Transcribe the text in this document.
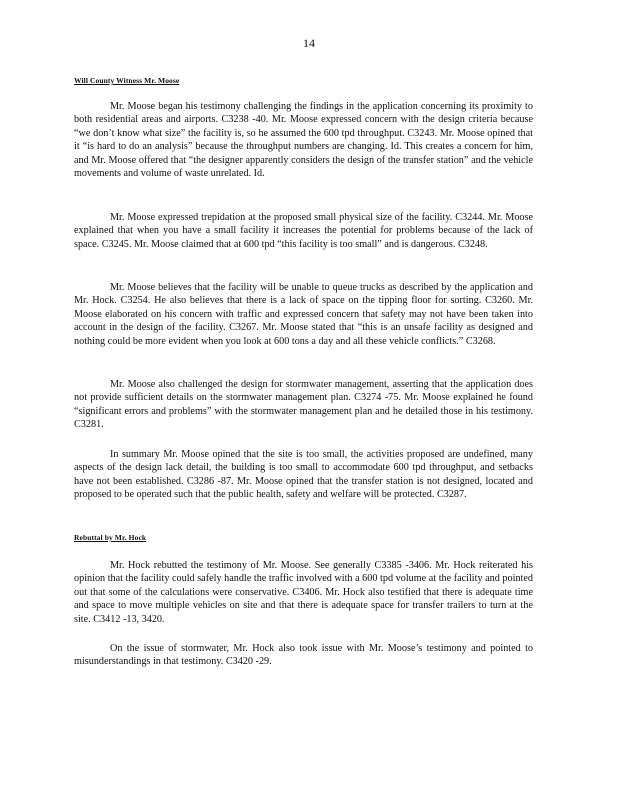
14
Will County Witness Mr. Moose

Mr. Moose began his testimony challenging the findings in the application concerning its proximity to both residential areas and airports. C3238 -40. Mr. Moose expressed concern with the design criteria because “we don’t know what size” the facility is, so he assumed the 600 tpd throughput. C3243. Mr. Moose opined that it “is hard to do an analysis” because the throughput numbers are changing. Id. This creates a concern for him, and Mr. Moose offered that “the designer apparently considers the design of the transfer station” and the vehicle movements and volume of waste unrelated. Id.

Mr. Moose expressed trepidation at the proposed small physical size of the facility. C3244. Mr. Moose explained that when you have a small facility it increases the potential for problems because of the lack of space. C3245. Mr. Moose claimed that at 600 tpd “this facility is too small” and is dangerous. C3248.

Mr. Moose believes that the facility will be unable to queue trucks as described by the application and Mr. Hock. C3254. He also believes that there is a lack of space on the tipping floor for sorting. C3260. Mr. Moose elaborated on his concern with traffic and expressed concern that safety may not have been taken into account in the design of the facility. C3267. Mr. Moose stated that “this is an unsafe facility as designed and nothing could be more evident when you look at 600 tons a day and all these vehicle conflicts.” C3268.

Mr. Moose also challenged the design for stormwater management, asserting that the application does not provide sufficient details on the stormwater management plan. C3274 -75. Mr. Moose explained he found “significant errors and problems” with the stormwater management plan and he detailed those in his testimony. C3281.

In summary Mr. Moose opined that the site is too small, the activities proposed are undefined, many aspects of the design lack detail, the building is too small to accommodate 600 tpd throughput, and setbacks have not been established. C3286 -87. Mr. Moose opined that the transfer station is not designed, located and proposed to be operated such that the public health, safety and welfare will be protected. C3287.

Rebuttal by Mr. Hock

Mr. Hock rebutted the testimony of Mr. Moose. See generally C3385 -3406. Mr. Hock reiterated his opinion that the facility could safely handle the traffic involved with a 600 tpd volume at the facility and pointed out that some of the calculations were conservative. C3406. Mr. Hock also testified that there is adequate time and space to move multiple vehicles on site and that there is adequate space for transfer trailers to turn at the site. C3412 -13, 3420.

On the issue of stormwater, Mr. Hock also took issue with Mr. Moose’s testimony and pointed to misunderstandings in that testimony. C3420 -29.
